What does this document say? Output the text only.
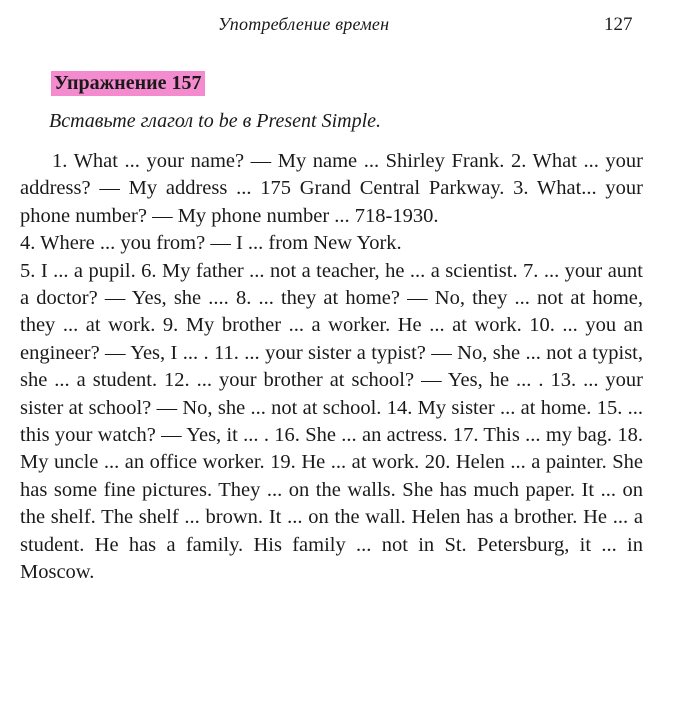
Употребление времен	127
Упражнение 157
Вставьте глагол to be в Present Simple.

1. What ... your name? — My name ... Shirley Frank. 2. What ... your address? — My address ... 175 Grand Central Parkway. 3. What... your phone number? — My phone number ... 718-1930.

4. Where ... you from? — I ... from New York.

5. I ... a pupil. 6. My father ... not a teacher, he ... a scientist. 7. ... your aunt a doctor? — Yes, she .... 8. ... they at home? — No, they ... not at home, they ... at work. 9. My brother ... a worker. He ... at work. 10. ... you an engineer? — Yes, I ... . 11. ... your sister a typist? — No, she ... not a typist, she ... a student. 12. ... your brother at school? — Yes, he ... . 13. ... your sister at school? — No, she ... not at school. 14. My sister ... at home. 15. ... this your watch? — Yes, it ... . 16. She ... an actress. 17. This ... my bag. 18. My uncle ... an office worker. 19. He ... at work. 20. Helen ... a painter. She has some fine pictures. They ... on the walls. She has much paper. It ... on the shelf. The shelf ... brown. It ... on the wall. Helen has a brother. He ... a student. He has a family. His family ... not in St. Petersburg, it ... in Moscow.
